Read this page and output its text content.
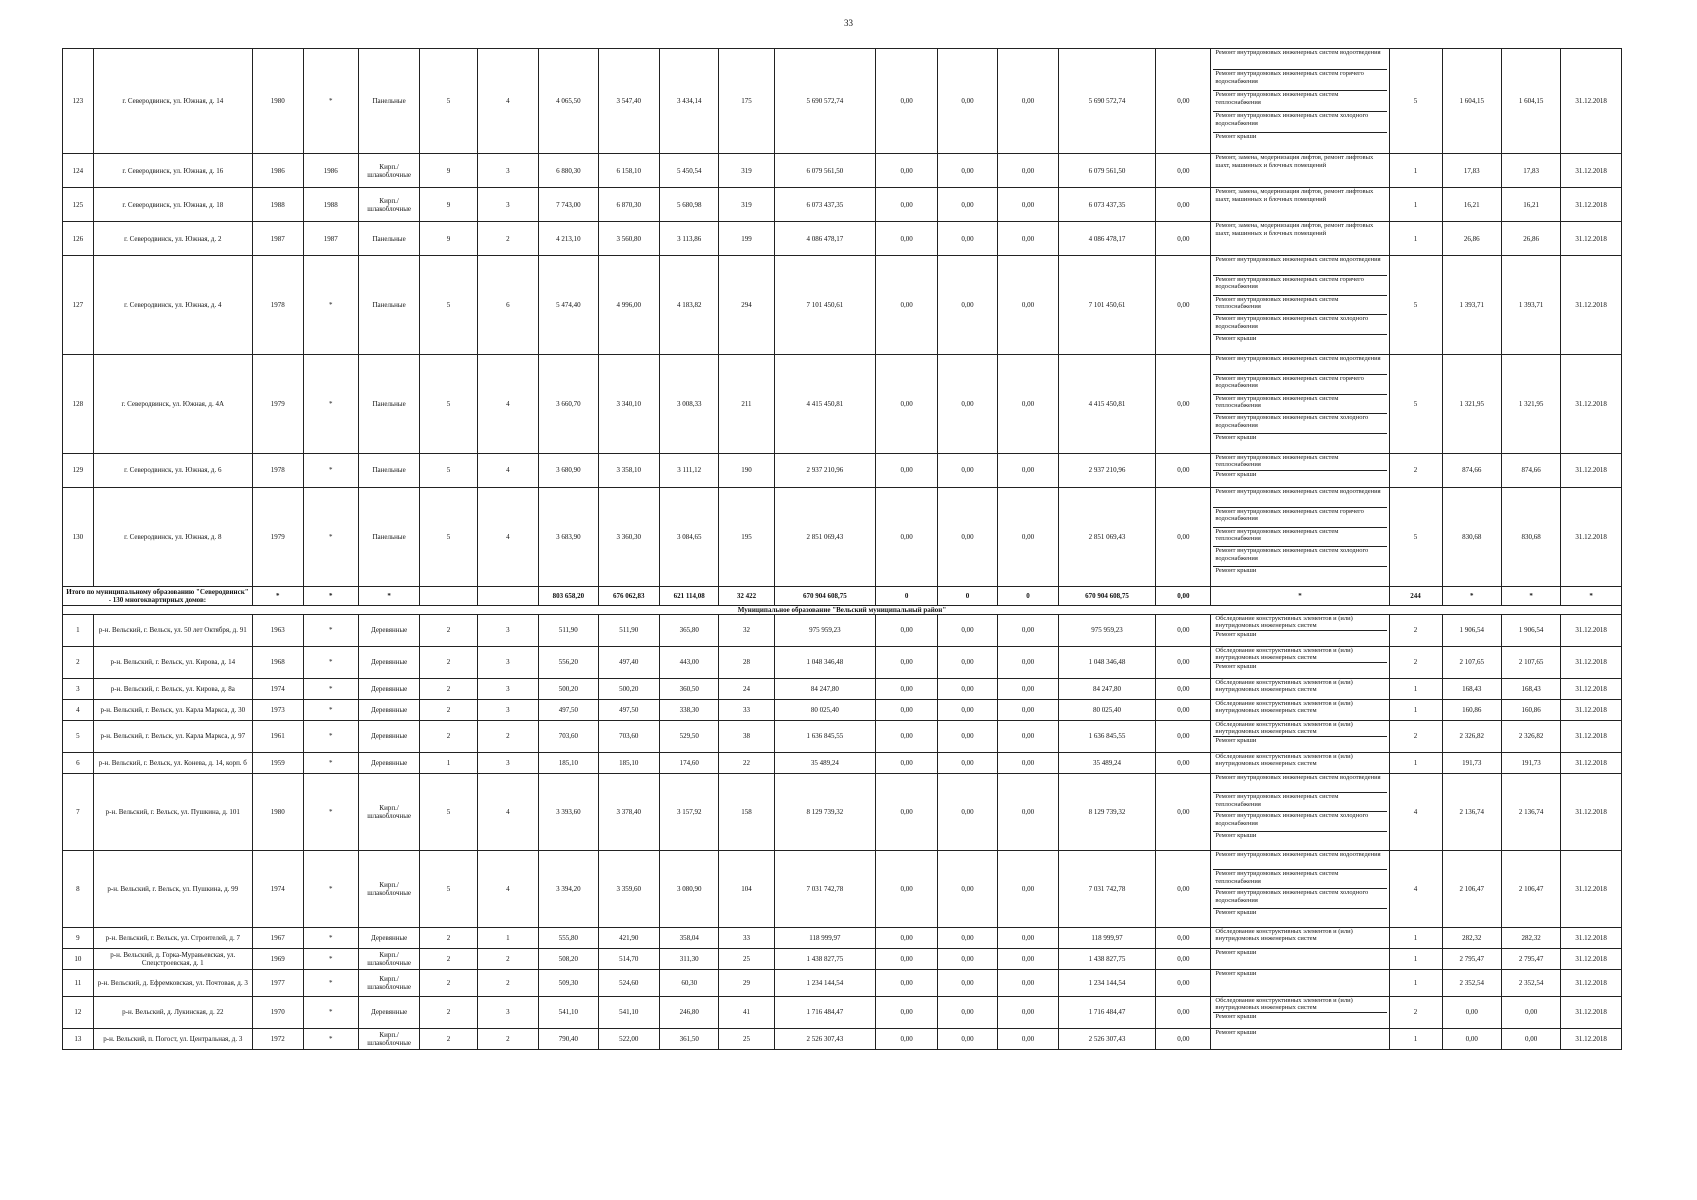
33
123	г. Северодвинск, ул. Южная, д. 14	1980	*	Панельные	5	4	4 065,50	3 547,40	3 434,14	175	5 690 572,74	0,00	0,00	0,00	5 690 572,74	0,00	Ремонт внутридомовых инженерных систем водоотведения
Ремонт внутридомовых инженерных систем горячего водоснабжения
Ремонт внутридомовых инженерных систем теплоснабжения
Ремонт внутридомовых инженерных систем холодного водоснабжения
Ремонт крыши	5	1 604,15	1 604,15	31.12.2018
124	г. Северодвинск, ул. Южная, д. 16	1986	1986	Кирп./ шлакоблочные	9	3	6 880,30	6 158,10	5 450,54	319	6 079 561,50	0,00	0,00	0,00	6 079 561,50	0,00	Ремонт, замена, модернизация лифтов, ремонт лифтовых шахт, машинных и блочных помещений	1	17,83	17,83	31.12.2018
125	г. Северодвинск, ул. Южная, д. 18	1988	1988	Кирп./ шлакоблочные	9	3	7 743,00	6 870,30	5 680,98	319	6 073 437,35	0,00	0,00	0,00	6 073 437,35	0,00	Ремонт, замена, модернизация лифтов, ремонт лифтовых шахт, машинных и блочных помещений	1	16,21	16,21	31.12.2018
126	г. Северодвинск, ул. Южная, д. 2	1987	1987	Панельные	9	2	4 213,10	3 560,80	3 113,86	199	4 086 478,17	0,00	0,00	0,00	4 086 478,17	0,00	Ремонт, замена, модернизация лифтов, ремонт лифтовых шахт, машинных и блочных помещений	1	26,86	26,86	31.12.2018
127	г. Северодвинск, ул. Южная, д. 4	1978	*	Панельные	5	6	5 474,40	4 996,00	4 183,82	294	7 101 450,61	0,00	0,00	0,00	7 101 450,61	0,00	Ремонт внутридомовых инженерных систем водоотведения
Ремонт внутридомовых инженерных систем горячего водоснабжения
Ремонт внутридомовых инженерных систем теплоснабжения
Ремонт внутридомовых инженерных систем холодного водоснабжения
Ремонт крыши	5	1 393,71	1 393,71	31.12.2018
128	г. Северодвинск, ул. Южная, д. 4А	1979	*	Панельные	5	4	3 660,70	3 340,10	3 008,33	211	4 415 450,81	0,00	0,00	0,00	4 415 450,81	0,00	Ремонт внутридомовых инженерных систем водоотведения
Ремонт внутридомовых инженерных систем горячего водоснабжения
Ремонт внутридомовых инженерных систем теплоснабжения
Ремонт внутридомовых инженерных систем холодного водоснабжения
Ремонт крыши	5	1 321,95	1 321,95	31.12.2018
129	г. Северодвинск, ул. Южная, д. 6	1978	*	Панельные	5	4	3 680,90	3 358,10	3 111,12	190	2 937 210,96	0,00	0,00	0,00	2 937 210,96	0,00	Ремонт внутридомовых инженерных систем теплоснабжения
Ремонт крыши	2	874,66	874,66	31.12.2018
130	г. Северодвинск, ул. Южная, д. 8	1979	*	Панельные	5	4	3 683,90	3 360,30	3 084,65	195	2 851 069,43	0,00	0,00	0,00	2 851 069,43	0,00	Ремонт внутридомовых инженерных систем водоотведения
Ремонт внутридомовых инженерных систем горячего водоснабжения
Ремонт внутридомовых инженерных систем теплоснабжения
Ремонт внутридомовых инженерных систем холодного водоснабжения
Ремонт крыши	5	830,68	830,68	31.12.2018
Итого по муниципальному образованию "Северодвинск" - 130 многоквартирных домов:		*	*	*			803 658,20	676 062,83	621 114,08	32 422	670 904 608,75	0	0	0	670 904 608,75	0,00	*	244	*	*	*
Муниципальное образование "Вельский муниципальный район"																					
1	р-н. Вельский, г. Вельск, ул. 50 лет Октября, д. 91	1963	*	Деревянные	2	3	511,90	511,90	365,80	32	975 959,23	0,00	0,00	0,00	975 959,23	0,00	Обследование конструктивных элементов и (или) внутридомовых инженерных систем
Ремонт крыши	2	1 906,54	1 906,54	31.12.2018
2	р-н. Вельский, г. Вельск, ул. Кирова, д. 14	1968	*	Деревянные	2	3	556,20	497,40	443,00	28	1 048 346,48	0,00	0,00	0,00	1 048 346,48	0,00	Обследование конструктивных элементов и (или) внутридомовых инженерных систем
Ремонт крыши	2	2 107,65	2 107,65	31.12.2018
3	р-н. Вельский, г. Вельск, ул. Кирова, д. 8а	1974	*	Деревянные	2	3	500,20	500,20	360,50	24	84 247,80	0,00	0,00	0,00	84 247,80	0,00	Обследование конструктивных элементов и (или) внутридомовых инженерных систем	1	168,43	168,43	31.12.2018
4	р-н. Вельский, г. Вельск, ул. Карла Маркса, д. 30	1973	*	Деревянные	2	3	497,50	497,50	338,30	33	80 025,40	0,00	0,00	0,00	80 025,40	0,00	Обследование конструктивных элементов и (или) внутридомовых инженерных систем	1	160,86	160,86	31.12.2018
5	р-н. Вельский, г. Вельск, ул. Карла Маркса, д. 97	1961	*	Деревянные	2	2	703,60	703,60	529,50	38	1 636 845,55	0,00	0,00	0,00	1 636 845,55	0,00	Обследование конструктивных элементов и (или) внутридомовых инженерных систем
Ремонт крыши	2	2 326,82	2 326,82	31.12.2018
6	р-н. Вельский, г. Вельск, ул. Конева, д. 14, корп. б	1959	*	Деревянные	1	3	185,10	185,10	174,60	22	35 489,24	0,00	0,00	0,00	35 489,24	0,00	Обследование конструктивных элементов и (или) внутридомовых инженерных систем	1	191,73	191,73	31.12.2018
7	р-н. Вельский, г. Вельск, ул. Пушкина, д. 101	1980	*	Кирп./ шлакоблочные	5	4	3 393,60	3 378,40	3 157,92	158	8 129 739,32	0,00	0,00	0,00	8 129 739,32	0,00	Ремонт внутридомовых инженерных систем водоотведения
Ремонт внутридомовых инженерных систем теплоснабжения
Ремонт внутридомовых инженерных систем холодного водоснабжения
Ремонт крыши	4	2 136,74	2 136,74	31.12.2018
8	р-н. Вельский, г. Вельск, ул. Пушкина, д. 99	1974	*	Кирп./ шлакоблочные	5	4	3 394,20	3 359,60	3 080,90	104	7 031 742,78	0,00	0,00	0,00	7 031 742,78	0,00	Ремонт внутридомовых инженерных систем водоотведения
Ремонт внутридомовых инженерных систем теплоснабжения
Ремонт внутридомовых инженерных систем холодного водоснабжения
Ремонт крыши	4	2 106,47	2 106,47	31.12.2018
9	р-н. Вельский, г. Вельск, ул. Строителей, д. 7	1967	*	Деревянные	2	1	555,80	421,90	358,04	33	118 999,97	0,00	0,00	0,00	118 999,97	0,00	Обследование конструктивных элементов и (или) внутридомовых инженерных систем	1	282,32	282,32	31.12.2018
10	р-н. Вельский, д. Горка-Муравьевская, ул. Спецстроевская, д. 1	1969	*	Кирп./ шлакоблочные	2	2	508,20	514,70	311,30	25	1 438 827,75	0,00	0,00	0,00	1 438 827,75	0,00	Ремонт крыши	1	2 795,47	2 795,47	31.12.2018
11	р-н. Вельский, д. Ефремковская, ул. Почтовая, д. 3	1977	*	Кирп./ шлакоблочные	2	2	509,30	524,60	60,30	29	1 234 144,54	0,00	0,00	0,00	1 234 144,54	0,00	Ремонт крыши	1	2 352,54	2 352,54	31.12.2018
12	р-н. Вельский, д. Лукинская, д. 22	1970	*	Деревянные	2	3	541,10	541,10	246,80	41	1 716 484,47	0,00	0,00	0,00	1 716 484,47	0,00	Обследование конструктивных элементов и (или) внутридомовых инженерных систем
Ремонт крыши	2	0,00	0,00	31.12.2018
13	р-н. Вельский, п. Погост, ул. Центральная, д. 3	1972	*	Кирп./ шлакоблочные	2	2	790,40	522,00	361,50	25	2 526 307,43	0,00	0,00	0,00	2 526 307,43	0,00	Ремонт крыши	1	0,00	0,00	31.12.2018
